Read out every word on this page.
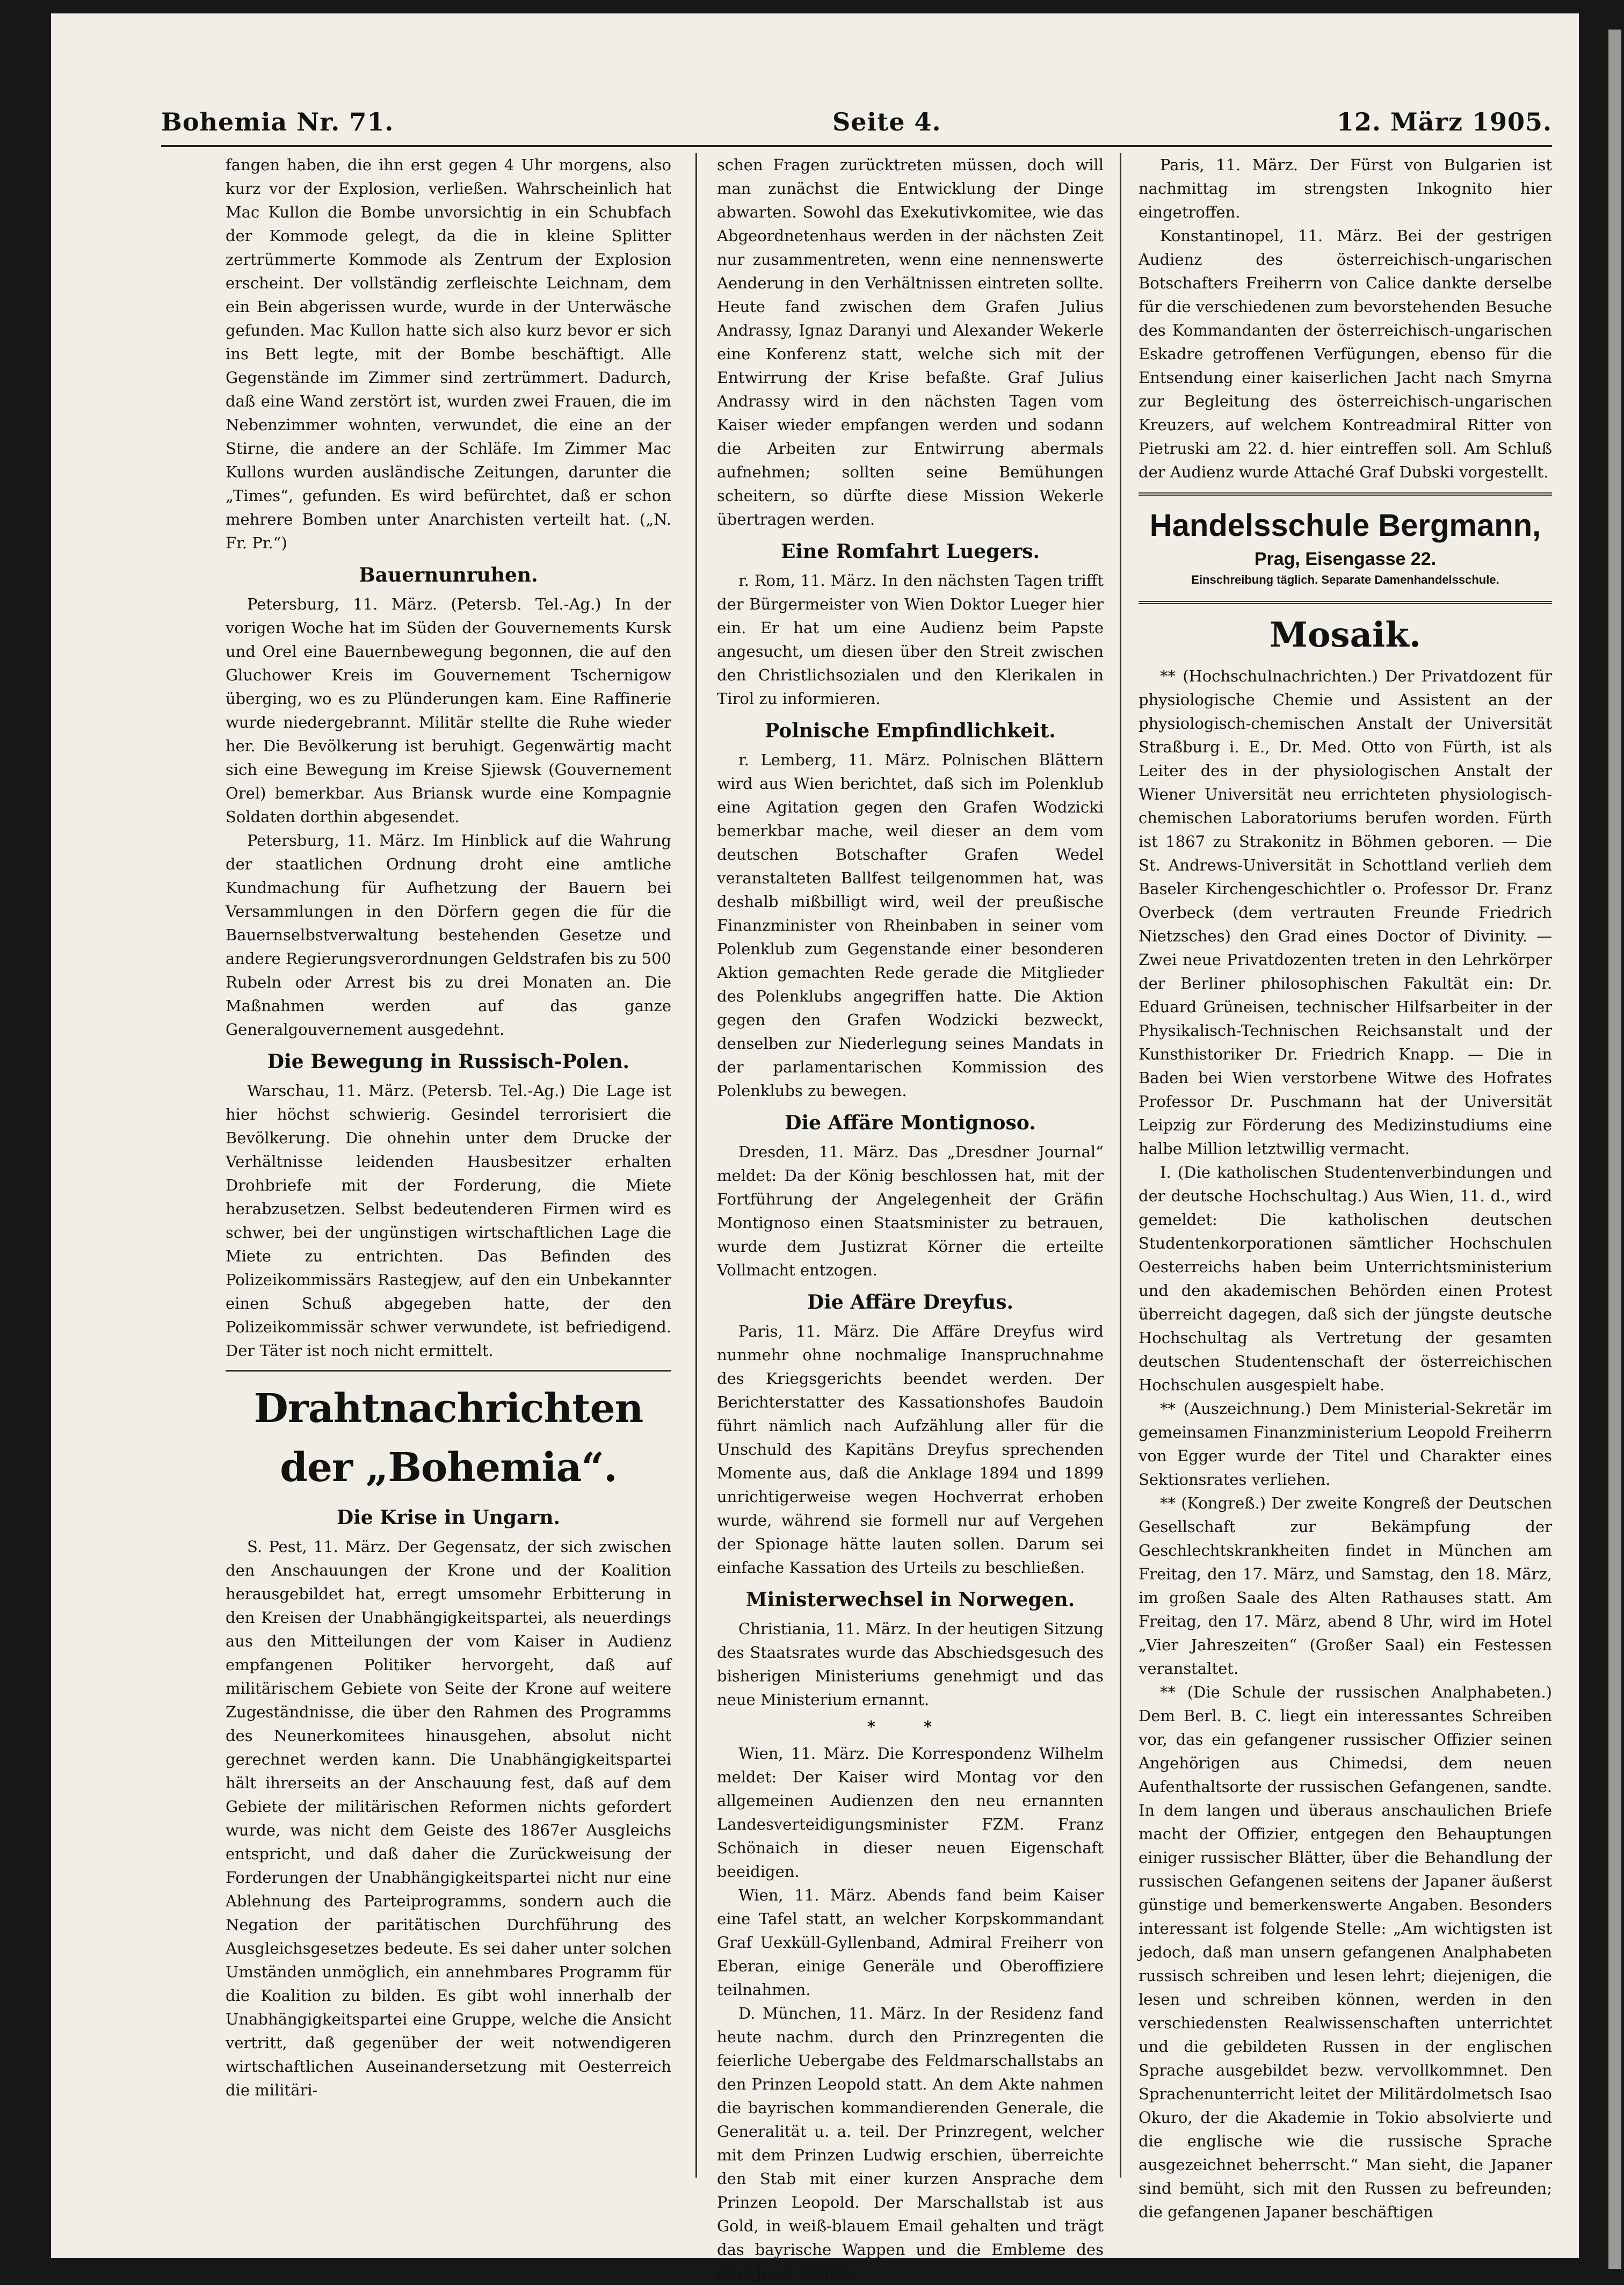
Bohemia Nr. 71.	Seite 4.	12. März 1905.

fangen haben, die ihn erst gegen 4 Uhr morgens, also kurz vor der Explosion, verließen. Wahrscheinlich hat Mac Kullon die Bombe unvorsichtig in ein Schubfach der Kommode gelegt, da die in kleine Splitter zertrümmerte Kommode als Zentrum der Explosion erscheint. Der vollständig zerfleischte Leichnam, dem ein Bein abgerissen wurde, wurde in der Unterwäsche gefunden. Mac Kullon hatte sich also kurz bevor er sich ins Bett legte, mit der Bombe beschäftigt. Alle Gegenstände im Zimmer sind zertrümmert. Dadurch, daß eine Wand zerstört ist, wurden zwei Frauen, die im Nebenzimmer wohnten, verwundet, die eine an der Stirne, die andere an der Schläfe. Im Zimmer Mac Kullons wurden ausländische Zeitungen, darunter die „Times“, gefunden. Es wird befürchtet, daß er schon mehrere Bomben unter Anarchisten verteilt hat. („N. Fr. Pr.“)

Bauernunruhen.

Petersburg, 11. März. (Petersb. Tel.-Ag.) In der vorigen Woche hat im Süden der Gouvernements Kursk und Orel eine Bauernbewegung begonnen, die auf den Gluchower Kreis im Gouvernement Tschernigow überging, wo es zu Plünderungen kam. Eine Raffinerie wurde niedergebrannt. Militär stellte die Ruhe wieder her. Die Bevölkerung ist beruhigt. Gegenwärtig macht sich eine Bewegung im Kreise Sjiewsk (Gouvernement Orel) bemerkbar. Aus Briansk wurde eine Kompagnie Soldaten dorthin abgesendet.

Petersburg, 11. März. Im Hinblick auf die Wahrung der staatlichen Ordnung droht eine amtliche Kundmachung für Aufhetzung der Bauern bei Versammlungen in den Dörfern gegen die für die Bauernselbstverwaltung bestehenden Gesetze und andere Regierungsverordnungen Geldstrafen bis zu 500 Rubeln oder Arrest bis zu drei Monaten an. Die Maßnahmen werden auf das ganze Generalgouvernement ausgedehnt.

Die Bewegung in Russisch-Polen.

Warschau, 11. März. (Petersb. Tel.-Ag.) Die Lage ist hier höchst schwierig. Gesindel terrorisiert die Bevölkerung. Die ohnehin unter dem Drucke der Verhältnisse leidenden Hausbesitzer erhalten Drohbriefe mit der Forderung, die Miete herabzusetzen. Selbst bedeutenderen Firmen wird es schwer, bei der ungünstigen wirtschaftlichen Lage die Miete zu entrichten. Das Befinden des Polizeikommissärs Rastegjew, auf den ein Unbekannter einen Schuß abgegeben hatte, der den Polizeikommissär schwer verwundete, ist befriedigend. Der Täter ist noch nicht ermittelt.

Drahtnachrichten der „Bohemia“.
Die Krise in Ungarn.

S. Pest, 11. März. Der Gegensatz, der sich zwischen den Anschauungen der Krone und der Koalition herausgebildet hat, erregt umsomehr Erbitterung in den Kreisen der Unabhängigkeitspartei, als neuerdings aus den Mitteilungen der vom Kaiser in Audienz empfangenen Politiker hervorgeht, daß auf militärischem Gebiete von Seite der Krone auf weitere Zugeständnisse, die über den Rahmen des Programms des Neunerkomitees hinausgehen, absolut nicht gerechnet werden kann. Die Unabhängigkeitspartei hält ihrerseits an der Anschauung fest, daß auf dem Gebiete der militärischen Reformen nichts gefordert wurde, was nicht dem Geiste des 1867er Ausgleichs entspricht, und daß daher die Zurückweisung der Forderungen der Unabhängigkeitspartei nicht nur eine Ablehnung des Parteiprogramms, sondern auch die Negation der paritätischen Durchführung des Ausgleichsgesetzes bedeute. Es sei daher unter solchen Umständen unmöglich, ein annehmbares Programm für die Koalition zu bilden. Es gibt wohl innerhalb der Unabhängigkeitspartei eine Gruppe, welche die Ansicht vertritt, daß gegenüber der weit notwendigeren wirtschaftlichen Auseinandersetzung mit Oesterreich die militäri-

schen Fragen zurücktreten müssen, doch will man zunächst die Entwicklung der Dinge abwarten. Sowohl das Exekutivkomitee, wie das Abgeordnetenhaus werden in der nächsten Zeit nur zusammentreten, wenn eine nennenswerte Aenderung in den Verhältnissen eintreten sollte. Heute fand zwischen dem Grafen Julius Andrassy, Ignaz Daranyi und Alexander Wekerle eine Konferenz statt, welche sich mit der Entwirrung der Krise befaßte. Graf Julius Andrassy wird in den nächsten Tagen vom Kaiser wieder empfangen werden und sodann die Arbeiten zur Entwirrung abermals aufnehmen; sollten seine Bemühungen scheitern, so dürfte diese Mission Wekerle übertragen werden.

Eine Romfahrt Luegers.

r. Rom, 11. März. In den nächsten Tagen trifft der Bürgermeister von Wien Doktor Lueger hier ein. Er hat um eine Audienz beim Papste angesucht, um diesen über den Streit zwischen den Christlichsozialen und den Klerikalen in Tirol zu informieren.

Polnische Empfindlichkeit.

r. Lemberg, 11. März. Polnischen Blättern wird aus Wien berichtet, daß sich im Polenklub eine Agitation gegen den Grafen Wodzicki bemerkbar mache, weil dieser an dem vom deutschen Botschafter Grafen Wedel veranstalteten Ballfest teilgenommen hat, was deshalb mißbilligt wird, weil der preußische Finanzminister von Rheinbaben in seiner vom Polenklub zum Gegenstande einer besonderen Aktion gemachten Rede gerade die Mitglieder des Polenklubs angegriffen hatte. Die Aktion gegen den Grafen Wodzicki bezweckt, denselben zur Niederlegung seines Mandats in der parlamentarischen Kommission des Polenklubs zu bewegen.

Die Affäre Montignoso.

Dresden, 11. März. Das „Dresdner Journal“ meldet: Da der König beschlossen hat, mit der Fortführung der Angelegenheit der Gräfin Montignoso einen Staatsminister zu betrauen, wurde dem Justizrat Körner die erteilte Vollmacht entzogen.

Die Affäre Dreyfus.

Paris, 11. März. Die Affäre Dreyfus wird nunmehr ohne nochmalige Inanspruchnahme des Kriegsgerichts beendet werden. Der Berichterstatter des Kassationshofes Baudoin führt nämlich nach Aufzählung aller für die Unschuld des Kapitäns Dreyfus sprechenden Momente aus, daß die Anklage 1894 und 1899 unrichtigerweise wegen Hochverrat erhoben wurde, während sie formell nur auf Vergehen der Spionage hätte lauten sollen. Darum sei einfache Kassation des Urteils zu beschließen.

Ministerwechsel in Norwegen.

Christiania, 11. März. In der heutigen Sitzung des Staatsrates wurde das Abschiedsgesuch des bisherigen Ministeriums genehmigt und das neue Ministerium ernannt.

* *

Wien, 11. März. Die Korrespondenz Wilhelm meldet: Der Kaiser wird Montag vor den allgemeinen Audienzen den neu ernannten Landesverteidigungsminister FZM. Franz Schönaich in dieser neuen Eigenschaft beeidigen.

Wien, 11. März. Abends fand beim Kaiser eine Tafel statt, an welcher Korpskommandant Graf Uexküll-Gyllenband, Admiral Freiherr von Eberan, einige Generäle und Oberoffiziere teilnahmen.

D. München, 11. März. In der Residenz fand heute nachm. durch den Prinzregenten die feierliche Uebergabe des Feldmarschallstabs an den Prinzen Leopold statt. An dem Akte nahmen die bayrischen kommandierenden Generale, die Generalität u. a. teil. Der Prinzregent, welcher mit dem Prinzen Ludwig erschien, überreichte den Stab mit einer kurzen Ansprache dem Prinzen Leopold. Der Marschallstab ist aus Gold, in weiß-blauem Email gehalten und trägt das bayrische Wappen und die Embleme des Max-Josef-Ordens.

Paris, 11. März. Der Fürst von Bulgarien ist nachmittag im strengsten Inkognito hier eingetroffen.

Konstantinopel, 11. März. Bei der gestrigen Audienz des österreichisch-ungarischen Botschafters Freiherrn von Calice dankte derselbe für die verschiedenen zum bevorstehenden Besuche des Kommandanten der österreichisch-ungarischen Eskadre getroffenen Verfügungen, ebenso für die Entsendung einer kaiserlichen Jacht nach Smyrna zur Begleitung des österreichisch-ungarischen Kreuzers, auf welchem Kontreadmiral Ritter von Pietruski am 22. d. hier eintreffen soll. Am Schluß der Audienz wurde Attaché Graf Dubski vorgestellt.

Handelsschule Bergmann,
Prag, Eisengasse 22.
Einschreibung täglich. Separate Damenhandelsschule.
Mosaik.

** (Hochschulnachrichten.) Der Privatdozent für physiologische Chemie und Assistent an der physiologisch-chemischen Anstalt der Universität Straßburg i. E., Dr. Med. Otto von Fürth, ist als Leiter des in der physiologischen Anstalt der Wiener Universität neu errichteten physiologisch-chemischen Laboratoriums berufen worden. Fürth ist 1867 zu Strakonitz in Böhmen geboren. — Die St. Andrews-Universität in Schottland verlieh dem Baseler Kirchengeschichtler o. Professor Dr. Franz Overbeck (dem vertrauten Freunde Friedrich Nietzsches) den Grad eines Doctor of Divinity. — Zwei neue Privatdozenten treten in den Lehrkörper der Berliner philosophischen Fakultät ein: Dr. Eduard Grüneisen, technischer Hilfsarbeiter in der Physikalisch-Technischen Reichsanstalt und der Kunsthistoriker Dr. Friedrich Knapp. — Die in Baden bei Wien verstorbene Witwe des Hofrates Professor Dr. Puschmann hat der Universität Leipzig zur Förderung des Medizinstudiums eine halbe Million letztwillig vermacht.

I. (Die katholischen Studentenverbindungen und der deutsche Hochschultag.) Aus Wien, 11. d., wird gemeldet: Die katholischen deutschen Studentenkorporationen sämtlicher Hochschulen Oesterreichs haben beim Unterrichtsministerium und den akademischen Behörden einen Protest überreicht dagegen, daß sich der jüngste deutsche Hochschultag als Vertretung der gesamten deutschen Studentenschaft der österreichischen Hochschulen ausgespielt habe.

** (Auszeichnung.) Dem Ministerial-Sekretär im gemeinsamen Finanzministerium Leopold Freiherrn von Egger wurde der Titel und Charakter eines Sektionsrates verliehen.

** (Kongreß.) Der zweite Kongreß der Deutschen Gesellschaft zur Bekämpfung der Geschlechtskrankheiten findet in München am Freitag, den 17. März, und Samstag, den 18. März, im großen Saale des Alten Rathauses statt. Am Freitag, den 17. März, abend 8 Uhr, wird im Hotel „Vier Jahreszeiten“ (Großer Saal) ein Festessen veranstaltet.

** (Die Schule der russischen Analphabeten.) Dem Berl. B. C. liegt ein interessantes Schreiben vor, das ein gefangener russischer Offizier seinen Angehörigen aus Chimedsi, dem neuen Aufenthaltsorte der russischen Gefangenen, sandte. In dem langen und überaus anschaulichen Briefe macht der Offizier, entgegen den Behauptungen einiger russischer Blätter, über die Behandlung der russischen Gefangenen seitens der Japaner äußerst günstige und bemerkenswerte Angaben. Besonders interessant ist folgende Stelle: „Am wichtigsten ist jedoch, daß man unsern gefangenen Analphabeten russisch schreiben und lesen lehrt; diejenigen, die lesen und schreiben können, werden in den verschiedensten Realwissenschaften unterrichtet und die gebildeten Russen in der englischen Sprache ausgebildet bezw. vervollkommnet. Den Sprachenunterricht leitet der Militärdolmetsch Isao Okuro, der die Akademie in Tokio absolvierte und die englische wie die russische Sprache ausgezeichnet beherrscht.“ Man sieht, die Japaner sind bemüht, sich mit den Russen zu befreunden; die gefangenen Japaner beschäftigen
